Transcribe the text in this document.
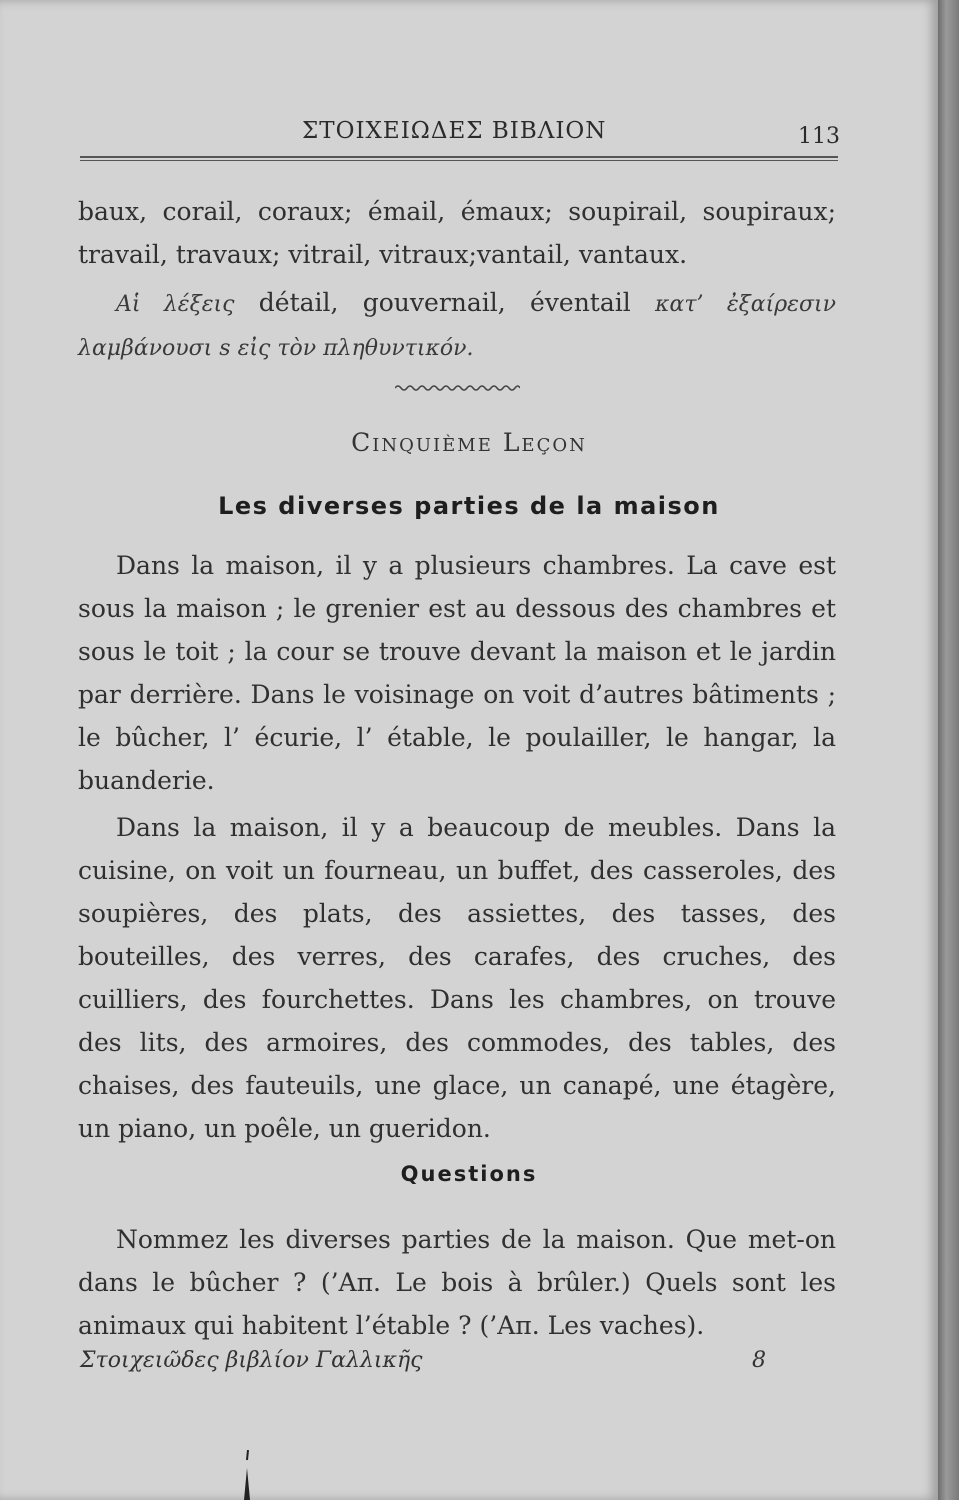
ΣΤΟΙΧΕΙΩΔΕΣ ΒΙΒΛΙΟΝ	113

baux, corail, coraux; émail, émaux; soupirail, soupiraux; travail, travaux; vitrail, vitraux;vantail, vantaux.

Αἱ λέξεις détail, gouvernail, éventail κατ’ ἐξαίρεσιν λαμβάνουσι s εἰς τὸν πληθυντικόν.

Cinquième Leçon
Les diverses parties de la maison

Dans la maison, il y a plusieurs chambres. La cave est sous la maison ; le grenier est au dessous des chambres et sous le toit ; la cour se trouve devant la maison et le jardin par derrière. Dans le voisinage on voit d’autres bâtiments ; le bûcher, l’ écurie, l’ étable, le poulailler, le hangar, la buanderie.

Dans la maison, il y a beaucoup de meubles. Dans la cuisine, on voit un fourneau, un buffet, des casseroles, des soupières, des plats, des assiettes, des tasses, des bouteilles, des verres, des carafes, des cruches, des cuilliers, des fourchettes. Dans les chambres, on trouve des lits, des armoires, des commodes, des tables, des chaises, des fauteuils, une glace, un canapé, une étagère, un piano, un poêle, un gueridon.

Questions

Nommez les diverses parties de la maison. Que met-on dans le bûcher ? (’Απ. Le bois à brûler.) Quels sont les animaux qui habitent l’étable ? (’Απ. Les vaches).

Στοιχειῶδες βιβλίον Γαλλικῆς	8
